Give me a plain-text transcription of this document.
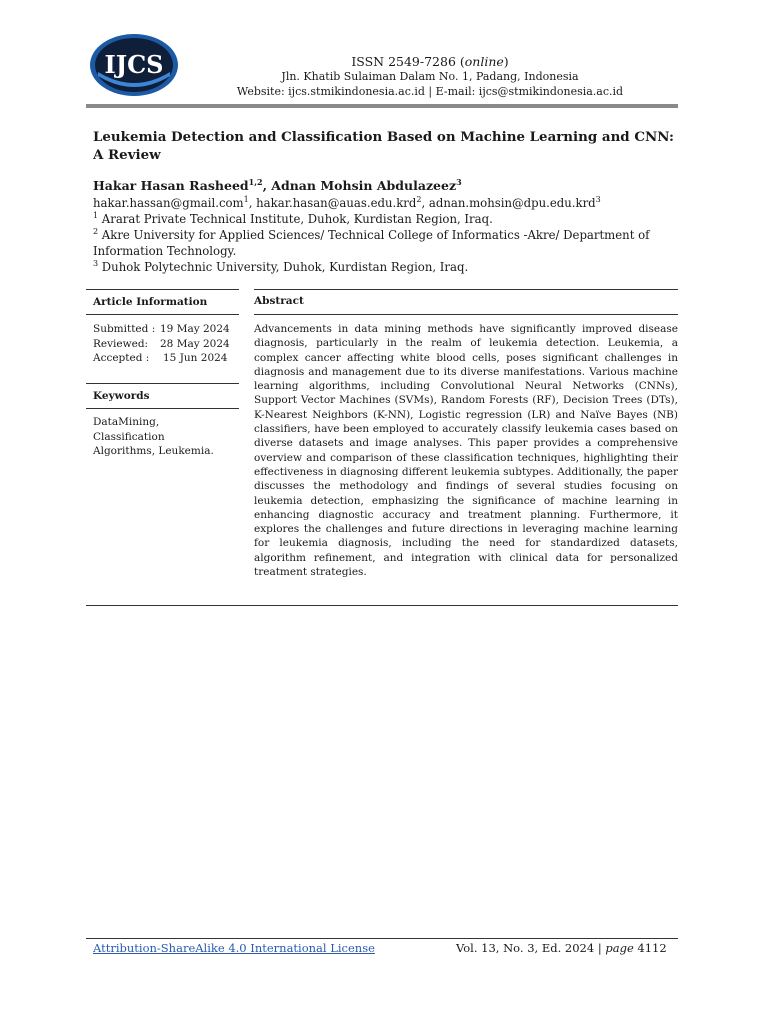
IJCS	ISSN 2549-7286 (online)
Jln. Khatib Sulaiman Dalam No. 1, Padang, Indonesia
Website: ijcs.stmikindonesia.ac.id | E-mail: ijcs@stmikindonesia.ac.id
Leukemia Detection and Classification Based on Machine Learning and CNN: A Review
Hakar Hasan Rasheed$^{1,2}$, Adnan Mohsin Abdulazeez$^3$
hakar.hassan@gmail.com$^1$, hakar.hasan@auas.edu.krd$^2$, adnan.mohsin@dpu.edu.krd$^3$
$^1$ Ararat Private Technical Institute, Duhok, Kurdistan Region, Iraq.
$^2$ Akre University for Applied Sciences/ Technical College of Informatics -Akre/ Department of Information Technology.
$^3$ Duhok Polytechnic University, Duhok, Kurdistan Region, Iraq.
Article Information
Submitted : 19 May 2024
Reviewed:	28 May 2024
Accepted :	15 Jun 2024
Keywords
DataMining,
Classification
Algorithms, Leukemia.
Abstract
Advancements in data mining methods have significantly improved disease diagnosis, particularly in the realm of leukemia detection. Leukemia, a complex cancer affecting white blood cells, poses significant challenges in diagnosis and management due to its diverse manifestations. Various machine learning algorithms, including Convolutional Neural Networks (CNNs), Support Vector Machines (SVMs), Random Forests (RF), Decision Trees (DTs), K-Nearest Neighbors (K-NN), Logistic regression (LR) and Naïve Bayes (NB) classifiers, have been employed to accurately classify leukemia cases based on diverse datasets and image analyses. This paper provides a comprehensive overview and comparison of these classification techniques, highlighting their effectiveness in diagnosing different leukemia subtypes. Additionally, the paper discusses the methodology and findings of several studies focusing on leukemia detection, emphasizing the significance of machine learning in enhancing diagnostic accuracy and treatment planning. Furthermore, it explores the challenges and future directions in leveraging machine learning for leukemia diagnosis, including the need for standardized datasets, algorithm refinement, and integration with clinical data for personalized treatment strategies.
Attribution-ShareAlike 4.0 International License	Vol. 13, No. 3, Ed. 2024 | page 4112
